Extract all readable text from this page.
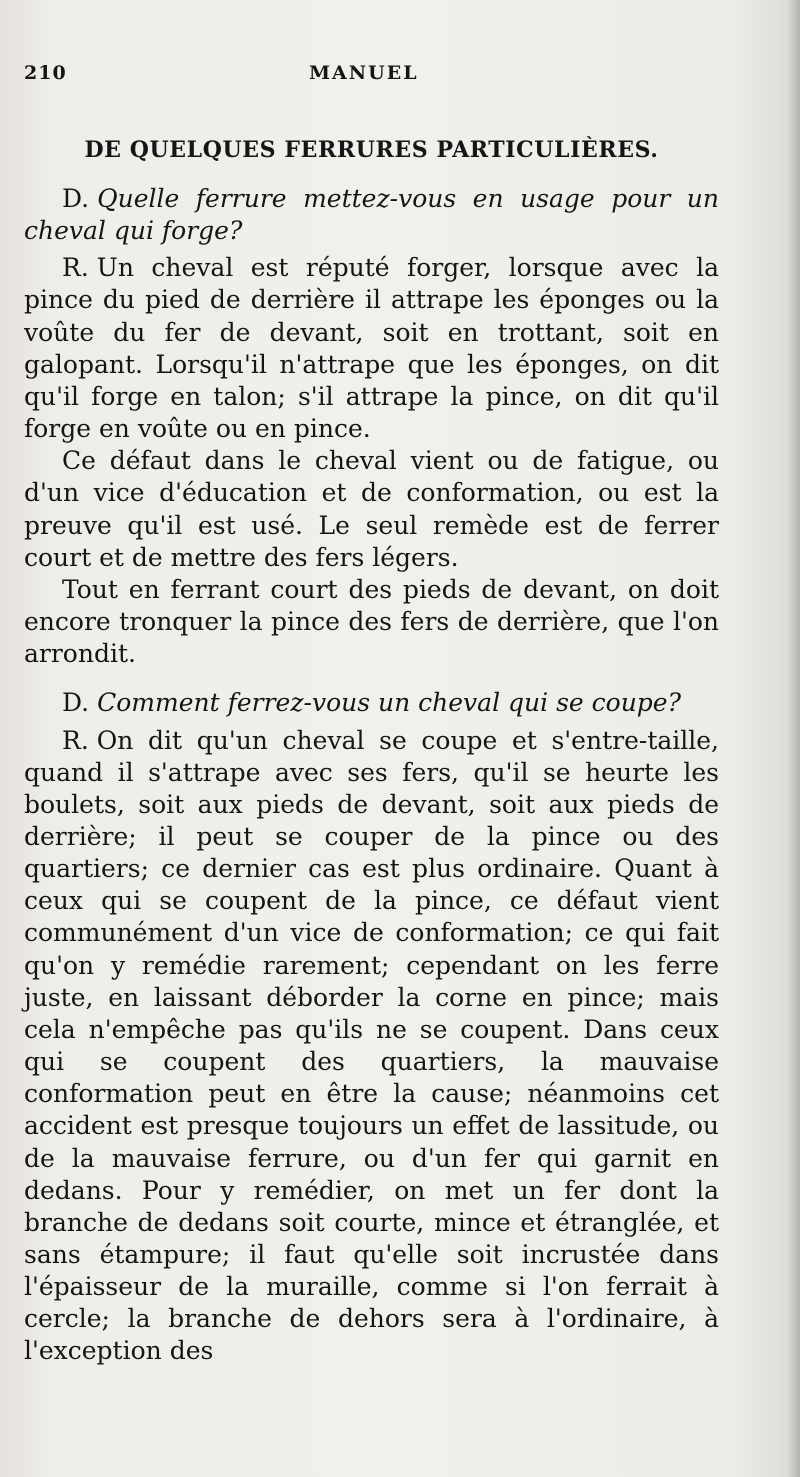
210	MANUEL
DE QUELQUES FERRURES PARTICULIÈRES.

D. Quelle ferrure mettez-vous en usage pour un cheval qui forge?

R. Un cheval est réputé forger, lorsque avec la pince du pied de derrière il attrape les éponges ou la voûte du fer de devant, soit en trottant, soit en galopant. Lorsqu'il n'attrape que les éponges, on dit qu'il forge en talon; s'il attrape la pince, on dit qu'il forge en voûte ou en pince.

Ce défaut dans le cheval vient ou de fatigue, ou d'un vice d'éducation et de conformation, ou est la preuve qu'il est usé. Le seul remède est de ferrer court et de mettre des fers légers.

Tout en ferrant court des pieds de devant, on doit encore tronquer la pince des fers de derrière, que l'on arrondit.

D. Comment ferrez-vous un cheval qui se coupe?

R. On dit qu'un cheval se coupe et s'entre-taille, quand il s'attrape avec ses fers, qu'il se heurte les boulets, soit aux pieds de devant, soit aux pieds de derrière; il peut se couper de la pince ou des quartiers; ce dernier cas est plus ordinaire. Quant à ceux qui se coupent de la pince, ce défaut vient communément d'un vice de conformation; ce qui fait qu'on y remédie rarement; cependant on les ferre juste, en laissant déborder la corne en pince; mais cela n'empêche pas qu'ils ne se coupent. Dans ceux qui se coupent des quartiers, la mauvaise conformation peut en être la cause; néanmoins cet accident est presque toujours un effet de lassitude, ou de la mauvaise ferrure, ou d'un fer qui garnit en dedans. Pour y remédier, on met un fer dont la branche de dedans soit courte, mince et étranglée, et sans étampure; il faut qu'elle soit incrustée dans l'épaisseur de la muraille, comme si l'on ferrait à cercle; la branche de dehors sera à l'ordinaire, à l'exception des
